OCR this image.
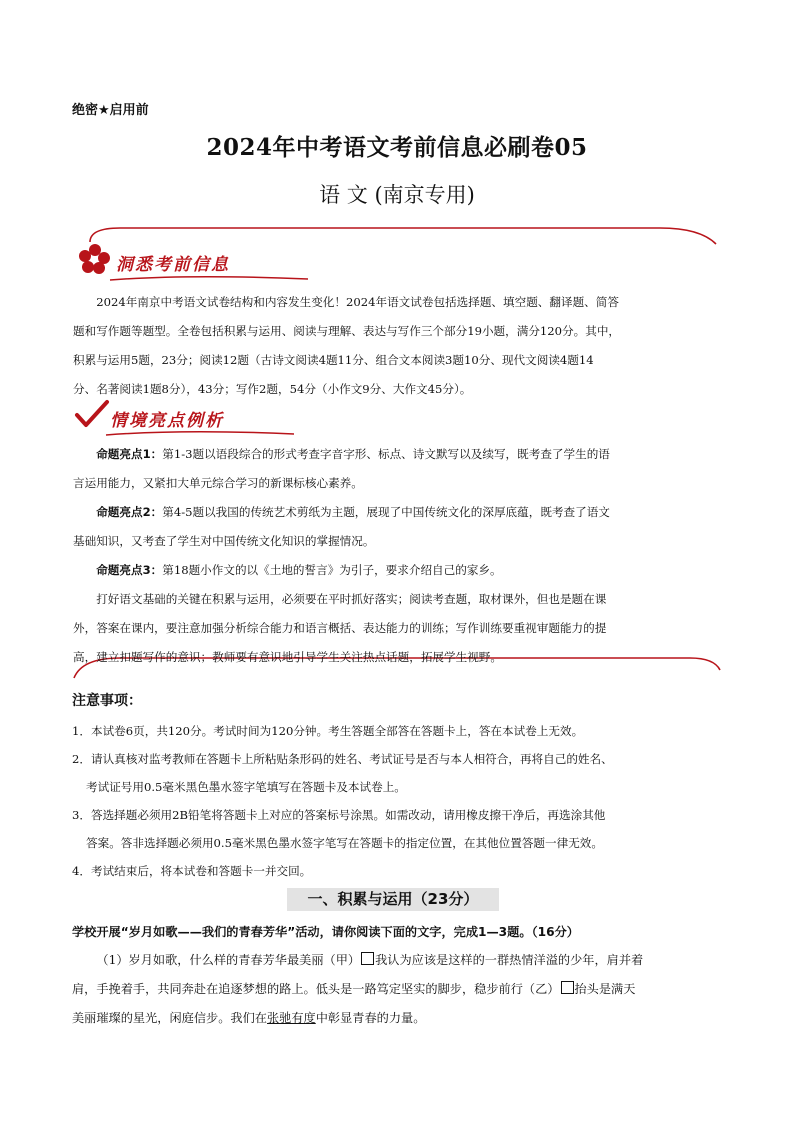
绝密★启用前
2024年中考语文考前信息必刷卷05
语 文 (南京专用)
洞悉考前信息

2024年南京中考语文试卷结构和内容发生变化！2024年语文试卷包括选择题、填空题、翻译题、简答

题和写作题等题型。全卷包括积累与运用、阅读与理解、表达与写作三个部分19小题，满分120分。其中，

积累与运用5题，23分；阅读12题（古诗文阅读4题11分、组合文本阅读3题10分、现代文阅读4题14

分、名著阅读1题8分），43分；写作2题，54分（小作文9分、大作文45分）。

情境亮点例析

命题亮点1：第1-3题以语段综合的形式考查字音字形、标点、诗文默写以及续写，既考查了学生的语

言运用能力，又紧扣大单元综合学习的新课标核心素养。

命题亮点2：第4-5题以我国的传统艺术剪纸为主题，展现了中国传统文化的深厚底蕴，既考查了语文

基础知识，又考查了学生对中国传统文化知识的掌握情况。

命题亮点3：第18题小作文的以《土地的誓言》为引子，要求介绍自己的家乡。

打好语文基础的关键在积累与运用，必须要在平时抓好落实；阅读考查题，取材课外，但也是题在课

外，答案在课内，要注意加强分析综合能力和语言概括、表达能力的训练；写作训练要重视审题能力的提

高，建立扣题写作的意识；教师要有意识地引导学生关注热点话题，拓展学生视野。

注意事项：
1．本试卷6页，共120分。考试时间为120分钟。考生答题全部答在答题卡上，答在本试卷上无效。
2．请认真核对监考教师在答题卡上所粘贴条形码的姓名、考试证号是否与本人相符合，再将自己的姓名、
考试证号用0.5毫米黑色墨水签字笔填写在答题卡及本试卷上。
3．答选择题必须用2B铅笔将答题卡上对应的答案标号涂黑。如需改动，请用橡皮擦干净后，再选涂其他
答案。答非选择题必须用0.5毫米黑色墨水签字笔写在答题卡的指定位置，在其他位置答题一律无效。
4．考试结束后，将本试卷和答题卡一并交回。
一、积累与运用（23分）
学校开展“岁月如歌——我们的青春芳华”活动，请你阅读下面的文字，完成1—3题。（16分）

（1）岁月如歌，什么样的青春芳华最美丽（甲） 我认为应该是这样的一群热情洋溢的少年，肩并着

肩，手挽着手，共同奔赴在追逐梦想的路上。低头是一路笃定坚实的脚步，稳步前行（乙） 抬头是满天
美丽璀璨的星光，闲庭信步。我们在张驰有度中彰显青春的力量。
